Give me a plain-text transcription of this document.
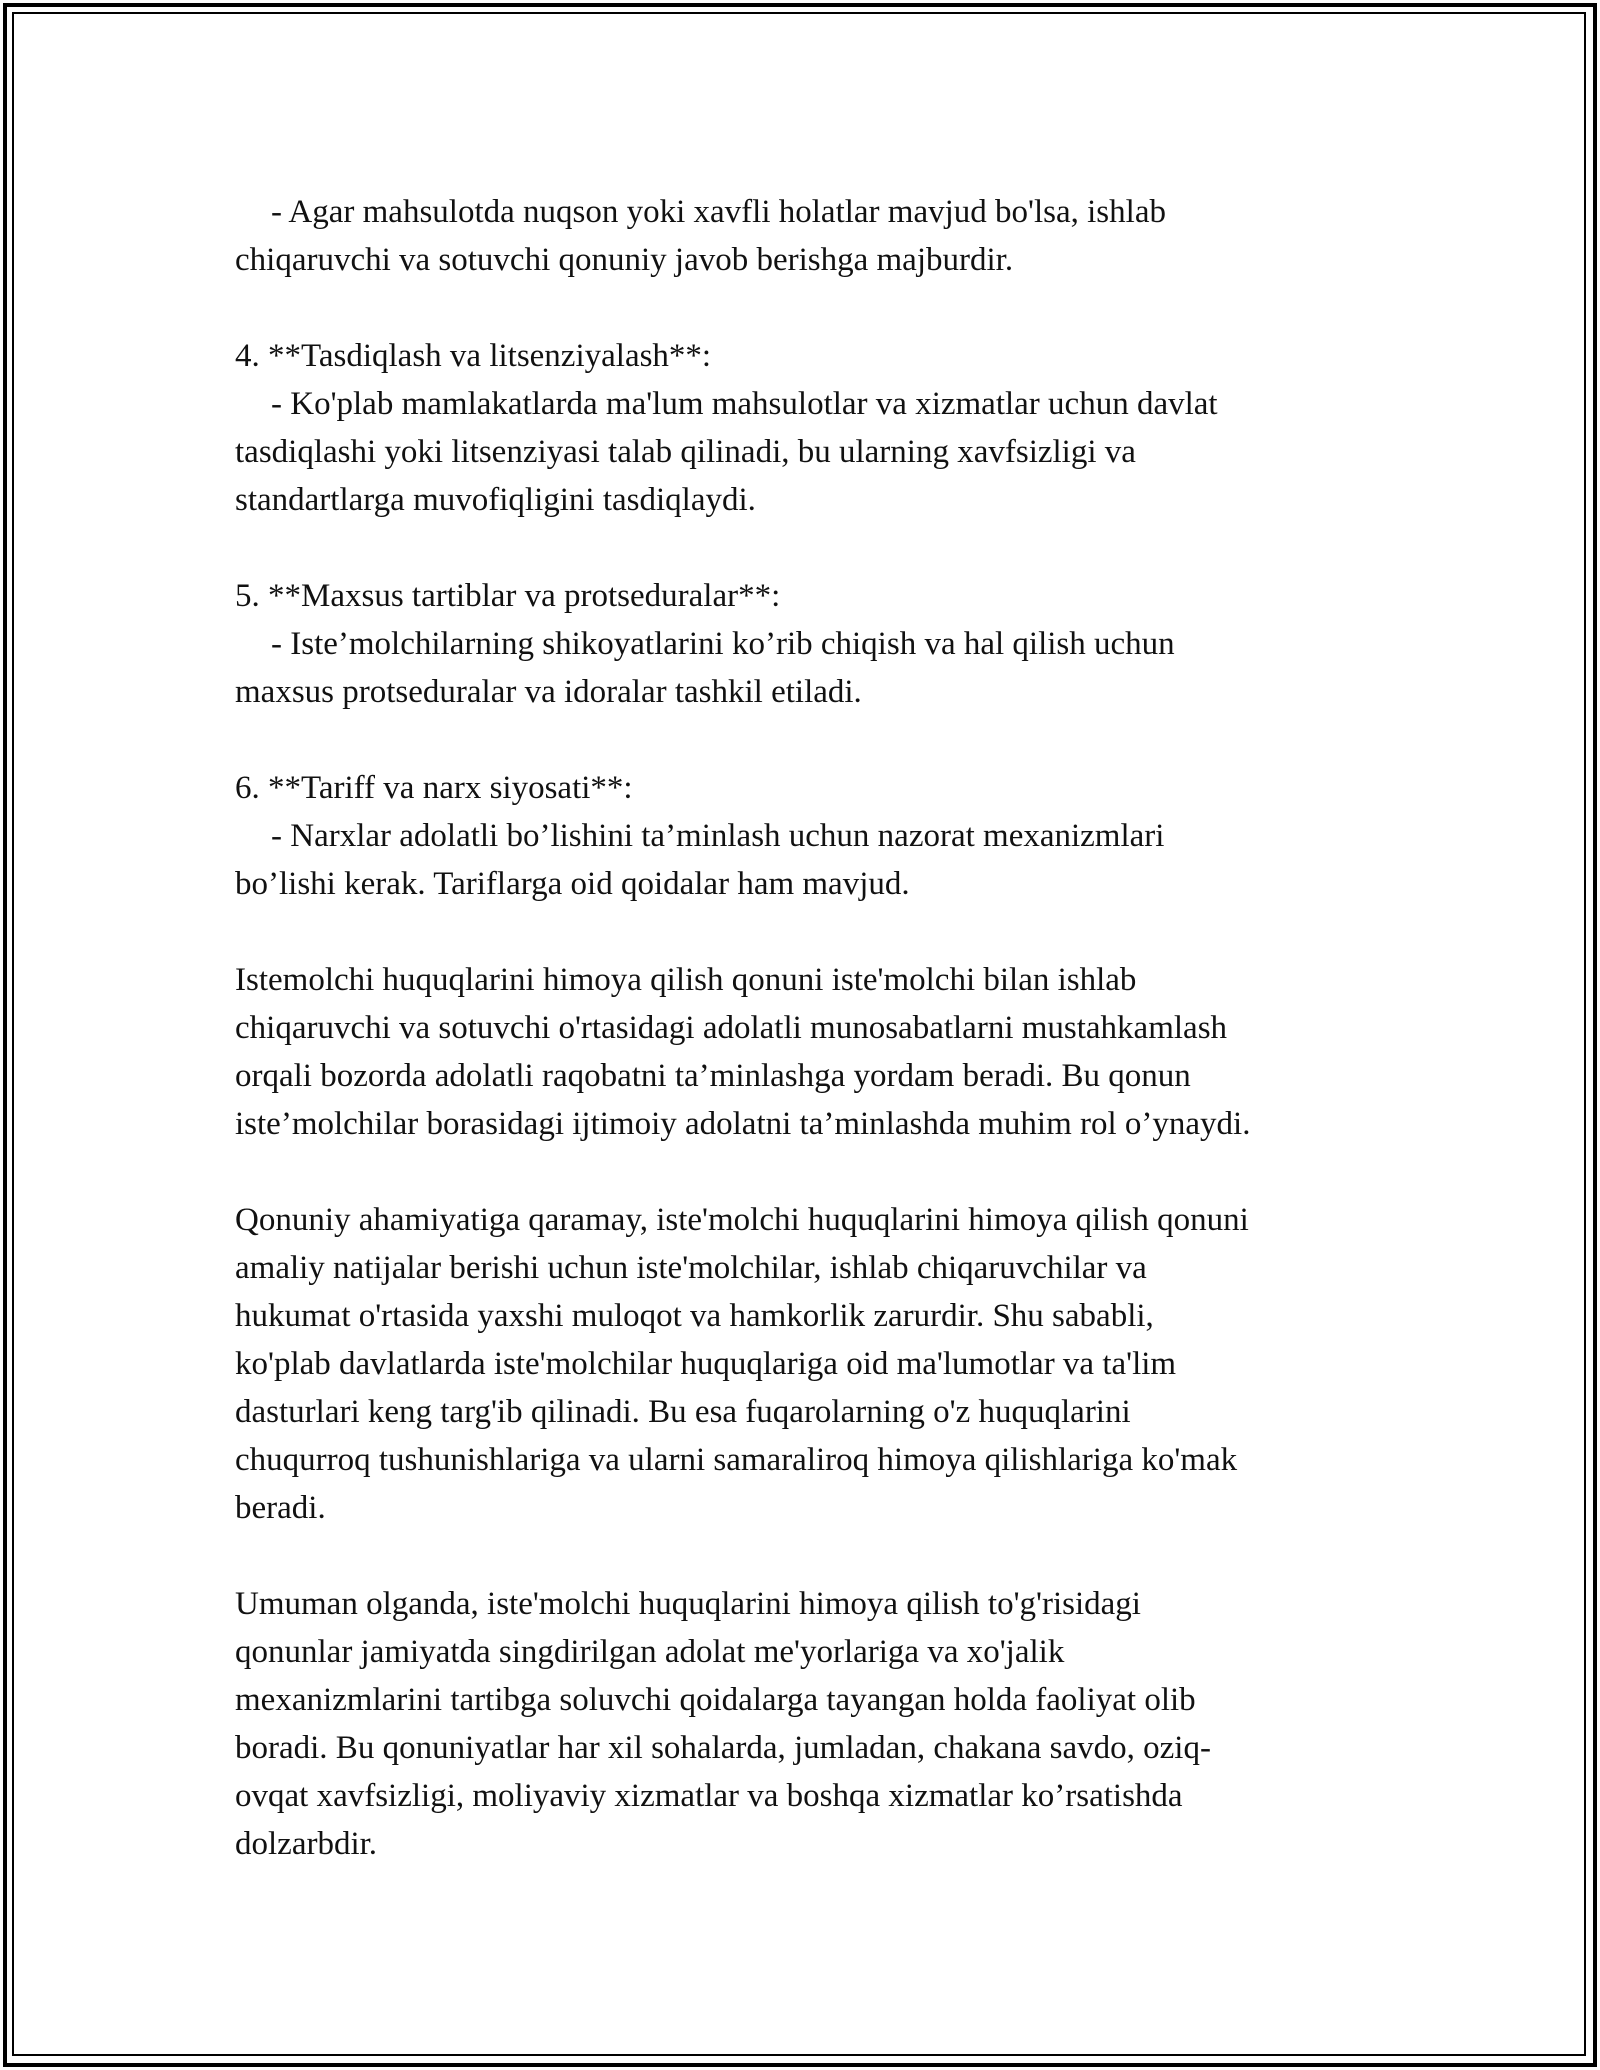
- Agar mahsulotda nuqson yoki xavfli holatlar mavjud bo'lsa, ishlab
chiqaruvchi va sotuvchi qonuniy javob berishga majburdir.
4. **Tasdiqlash va litsenziyalash**:
- Ko'plab mamlakatlarda ma'lum mahsulotlar va xizmatlar uchun davlat
tasdiqlashi yoki litsenziyasi talab qilinadi, bu ularning xavfsizligi va
standartlarga muvofiqligini tasdiqlaydi.
5. **Maxsus tartiblar va protseduralar**:
- Iste’molchilarning shikoyatlarini ko’rib chiqish va hal qilish uchun
maxsus protseduralar va idoralar tashkil etiladi.
6. **Tariff va narx siyosati**:
- Narxlar adolatli bo’lishini ta’minlash uchun nazorat mexanizmlari
bo’lishi kerak. Tariflarga oid qoidalar ham mavjud.
Istemolchi huquqlarini himoya qilish qonuni iste'molchi bilan ishlab
chiqaruvchi va sotuvchi o'rtasidagi adolatli munosabatlarni mustahkamlash
orqali bozorda adolatli raqobatni ta’minlashga yordam beradi. Bu qonun
iste’molchilar borasidagi ijtimoiy adolatni ta’minlashda muhim rol o’ynaydi.
Qonuniy ahamiyatiga qaramay, iste'molchi huquqlarini himoya qilish qonuni
amaliy natijalar berishi uchun iste'molchilar, ishlab chiqaruvchilar va
hukumat o'rtasida yaxshi muloqot va hamkorlik zarurdir. Shu sababli,
ko'plab davlatlarda iste'molchilar huquqlariga oid ma'lumotlar va ta'lim
dasturlari keng targ'ib qilinadi. Bu esa fuqarolarning o'z huquqlarini
chuqurroq tushunishlariga va ularni samaraliroq himoya qilishlariga ko'mak
beradi.
Umuman olganda, iste'molchi huquqlarini himoya qilish to'g'risidagi
qonunlar jamiyatda singdirilgan adolat me'yorlariga va xo'jalik
mexanizmlarini tartibga soluvchi qoidalarga tayangan holda faoliyat olib
boradi. Bu qonuniyatlar har xil sohalarda, jumladan, chakana savdo, oziq-
ovqat xavfsizligi, moliyaviy xizmatlar va boshqa xizmatlar ko’rsatishda
dolzarbdir.
